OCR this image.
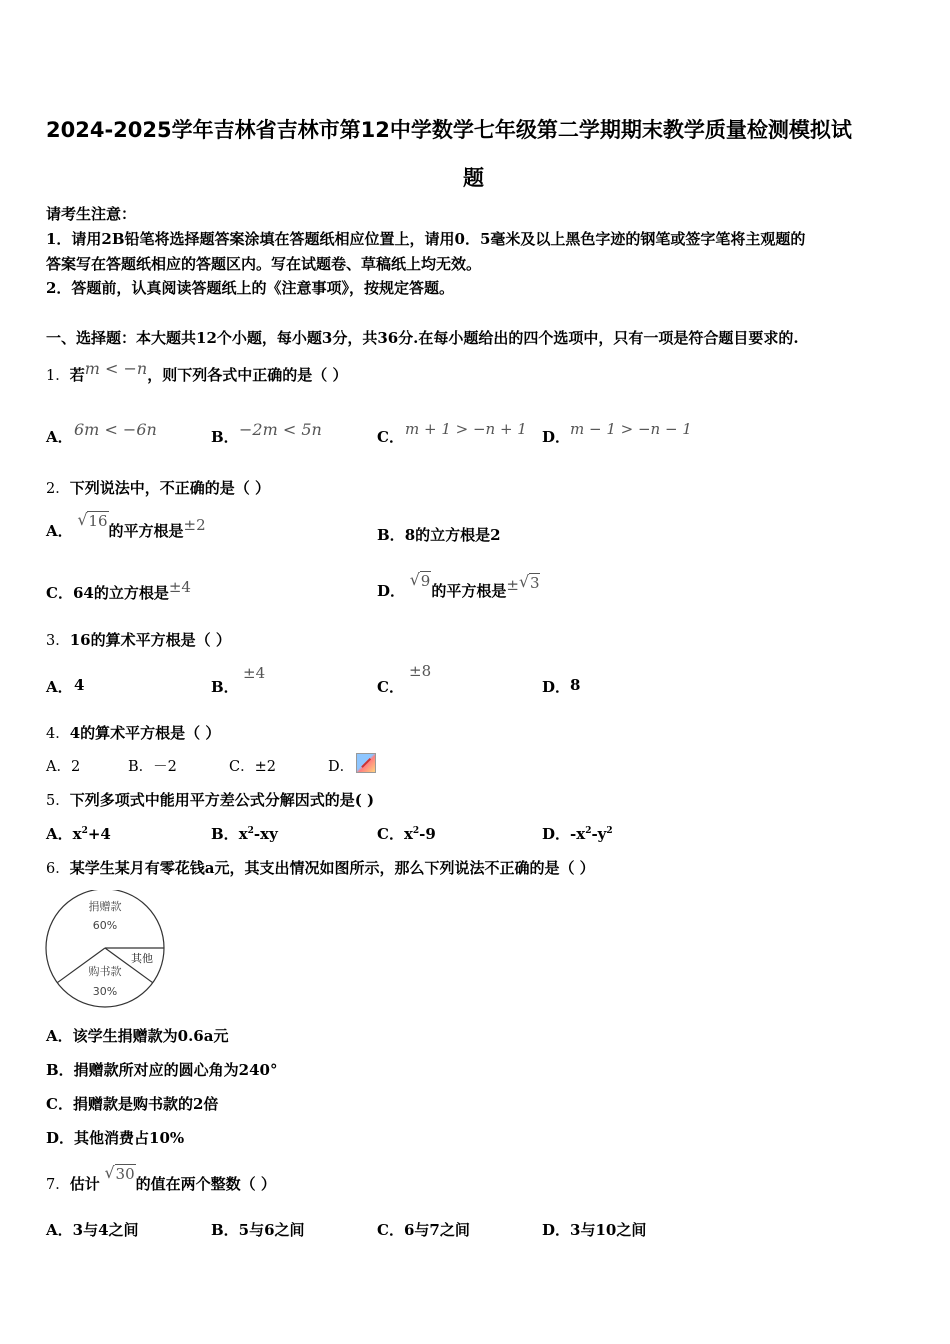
2024-2025学年吉林省吉林市第12中学数学七年级第二学期期末教学质量检测模拟试
题
请考生注意：
1．请用2B铅笔将选择题答案涂填在答题纸相应位置上，请用0．5毫米及以上黑色字迹的钢笔或签字笔将主观题的
答案写在答题纸相应的答题区内。写在试题卷、草稿纸上均无效。
2．答题前，认真阅读答题纸上的《注意事项》，按规定答题。
一、选择题：本大题共12个小题，每小题3分，共36分.在每小题给出的四个选项中，只有一项是符合题目要求的.
1．若m < −n，则下列各式中正确的是（ ）
A． 6m < −6n	B． −2m < 5n	C． m + 1 > −n + 1 D． m − 1 > −n − 1
2．下列说法中，不正确的是（ ）
A．
√ 16的平方根是±2
B．8的立方根是2
C．64的立方根是±4	D．
√ 9的平方根是± √ 3
3．16的算术平方根是（ ）
A． 4	B．
±4
C．
±8
D． 8
4．4的算术平方根是（ ）
A．2	B．－2	C．±2	D．
5．下列多项式中能用平方差公式分解因式的是( )
A．$x^2+4$	B．$x^2-xy$	C．$x^2-9$	D．$-x^2-y^2$
6．某学生某月有零花钱a元，其支出情况如图所示，那么下列说法不正确的是（ ）
捐赠款
60%
其他
购书款
30%
A．该学生捐赠款为0.6a元
B．捐赠款所对应的圆心角为240°
C．捐赠款是购书款的2倍
D．其他消费占10%
7．估计
√ 30的值在两个整数（ ）
A．3与4之间	B．5与6之间	C．6与7之间	D．3与10之间
